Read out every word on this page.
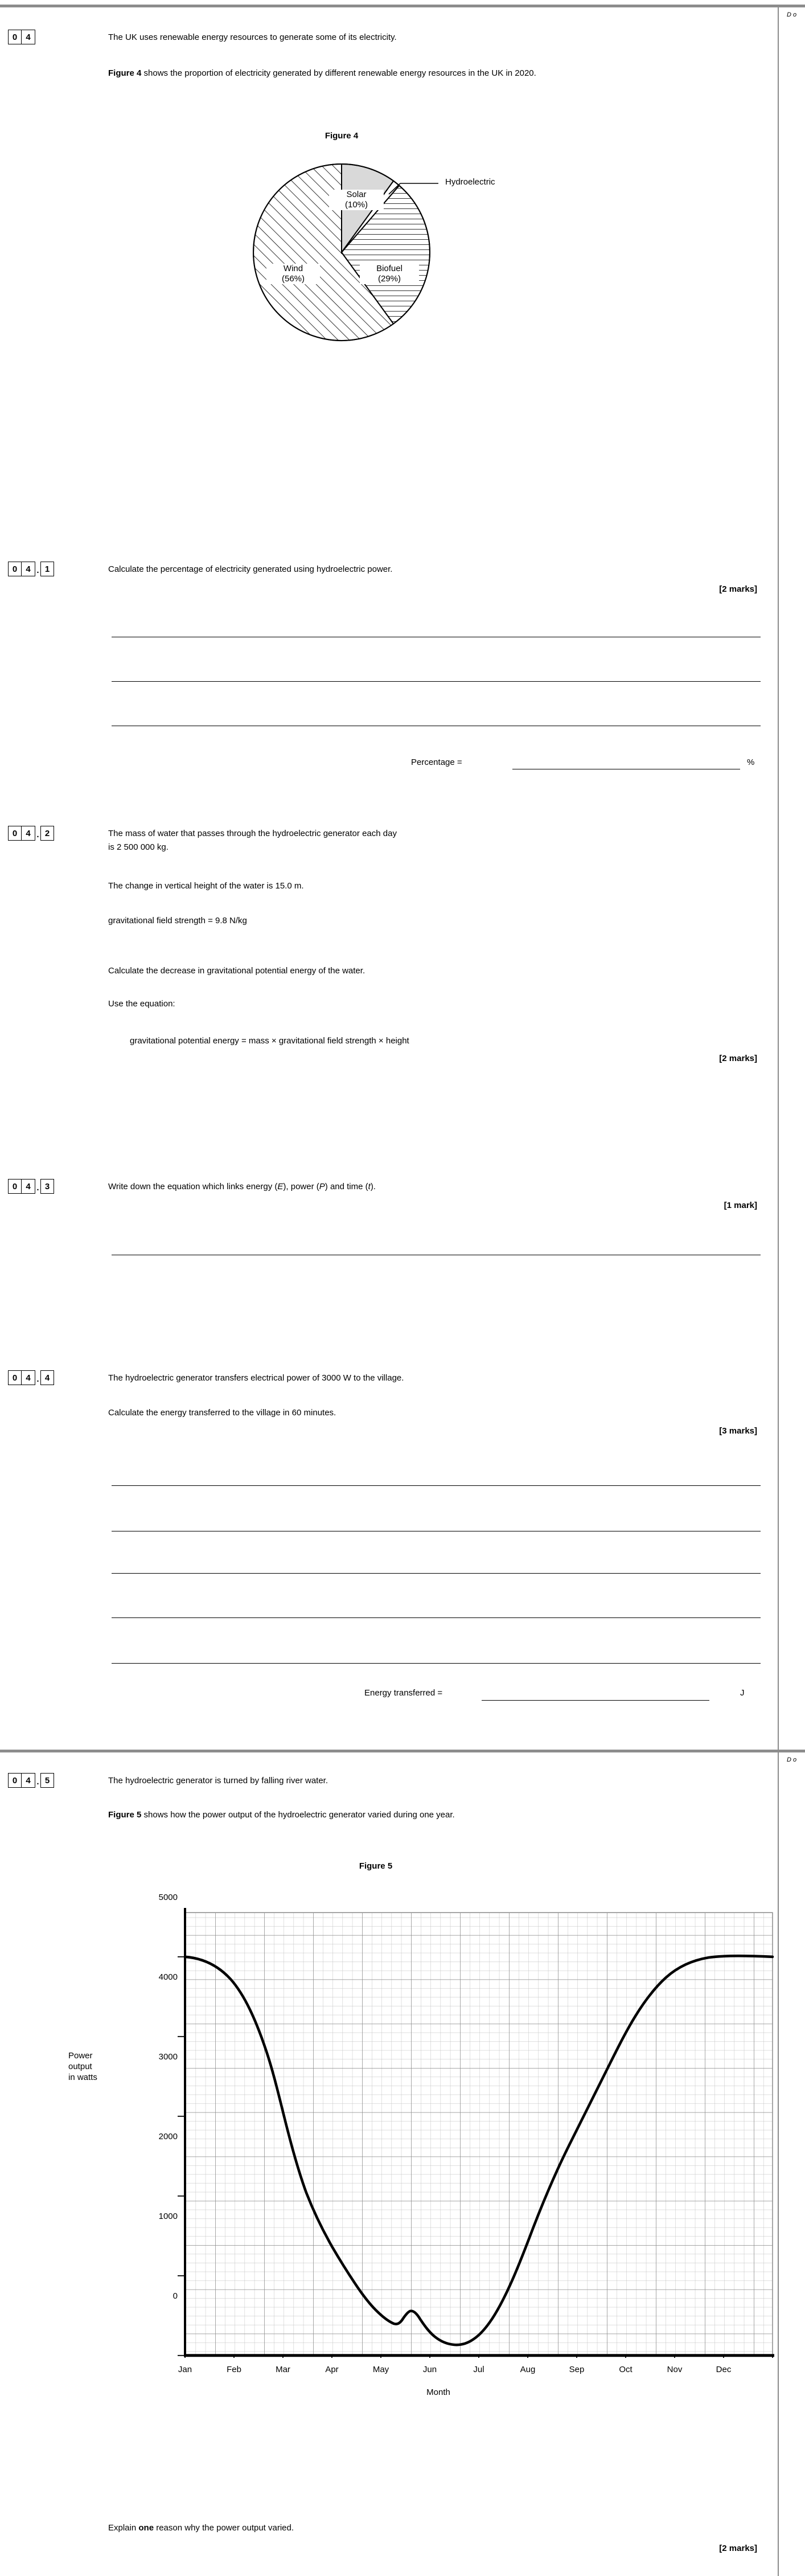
D o
0	4	The UK uses renewable energy resources to generate some of its electricity.
Figure 4 shows the proportion of electricity generated by different renewable energy resources in the UK in 2020.
Figure 4
Solar
(10%)
Hydroelectric
Biofuel
(29%)
Wind
(56%)
0	4 . 1	Calculate the percentage of electricity generated using hydroelectric power.
[2 marks]
Percentage =	%
0	4 . 2	The mass of water that passes through the hydroelectric generator each day
is 2 500 000 kg.
The change in vertical height of the water is 15.0 m.
gravitational field strength = 9.8 N/kg
Calculate the decrease in gravitational potential energy of the water.
Use the equation:
gravitational potential energy = mass × gravitational field strength × height
[2 marks]
0	4 . 3	Write down the equation which links energy (E), power (P) and time (t).
[1 mark]
0	4 . 4	The hydroelectric generator transfers electrical power of 3000 W to the village.
Calculate the energy transferred to the village in 60 minutes.
[3 marks]
Energy transferred =	J
D o
0	4 . 5	The hydroelectric generator is turned by falling river water.
Figure 5 shows how the power output of the hydroelectric generator varied during one year.
Figure 5
5000
4000
3000
2000
1000
0
Power
output
in watts
Jan	Feb	Mar	Apr	May	Jun	Jul	Aug	Sep	Oct	Nov	Dec
Month
Explain one reason why the power output varied.
[2 marks]
